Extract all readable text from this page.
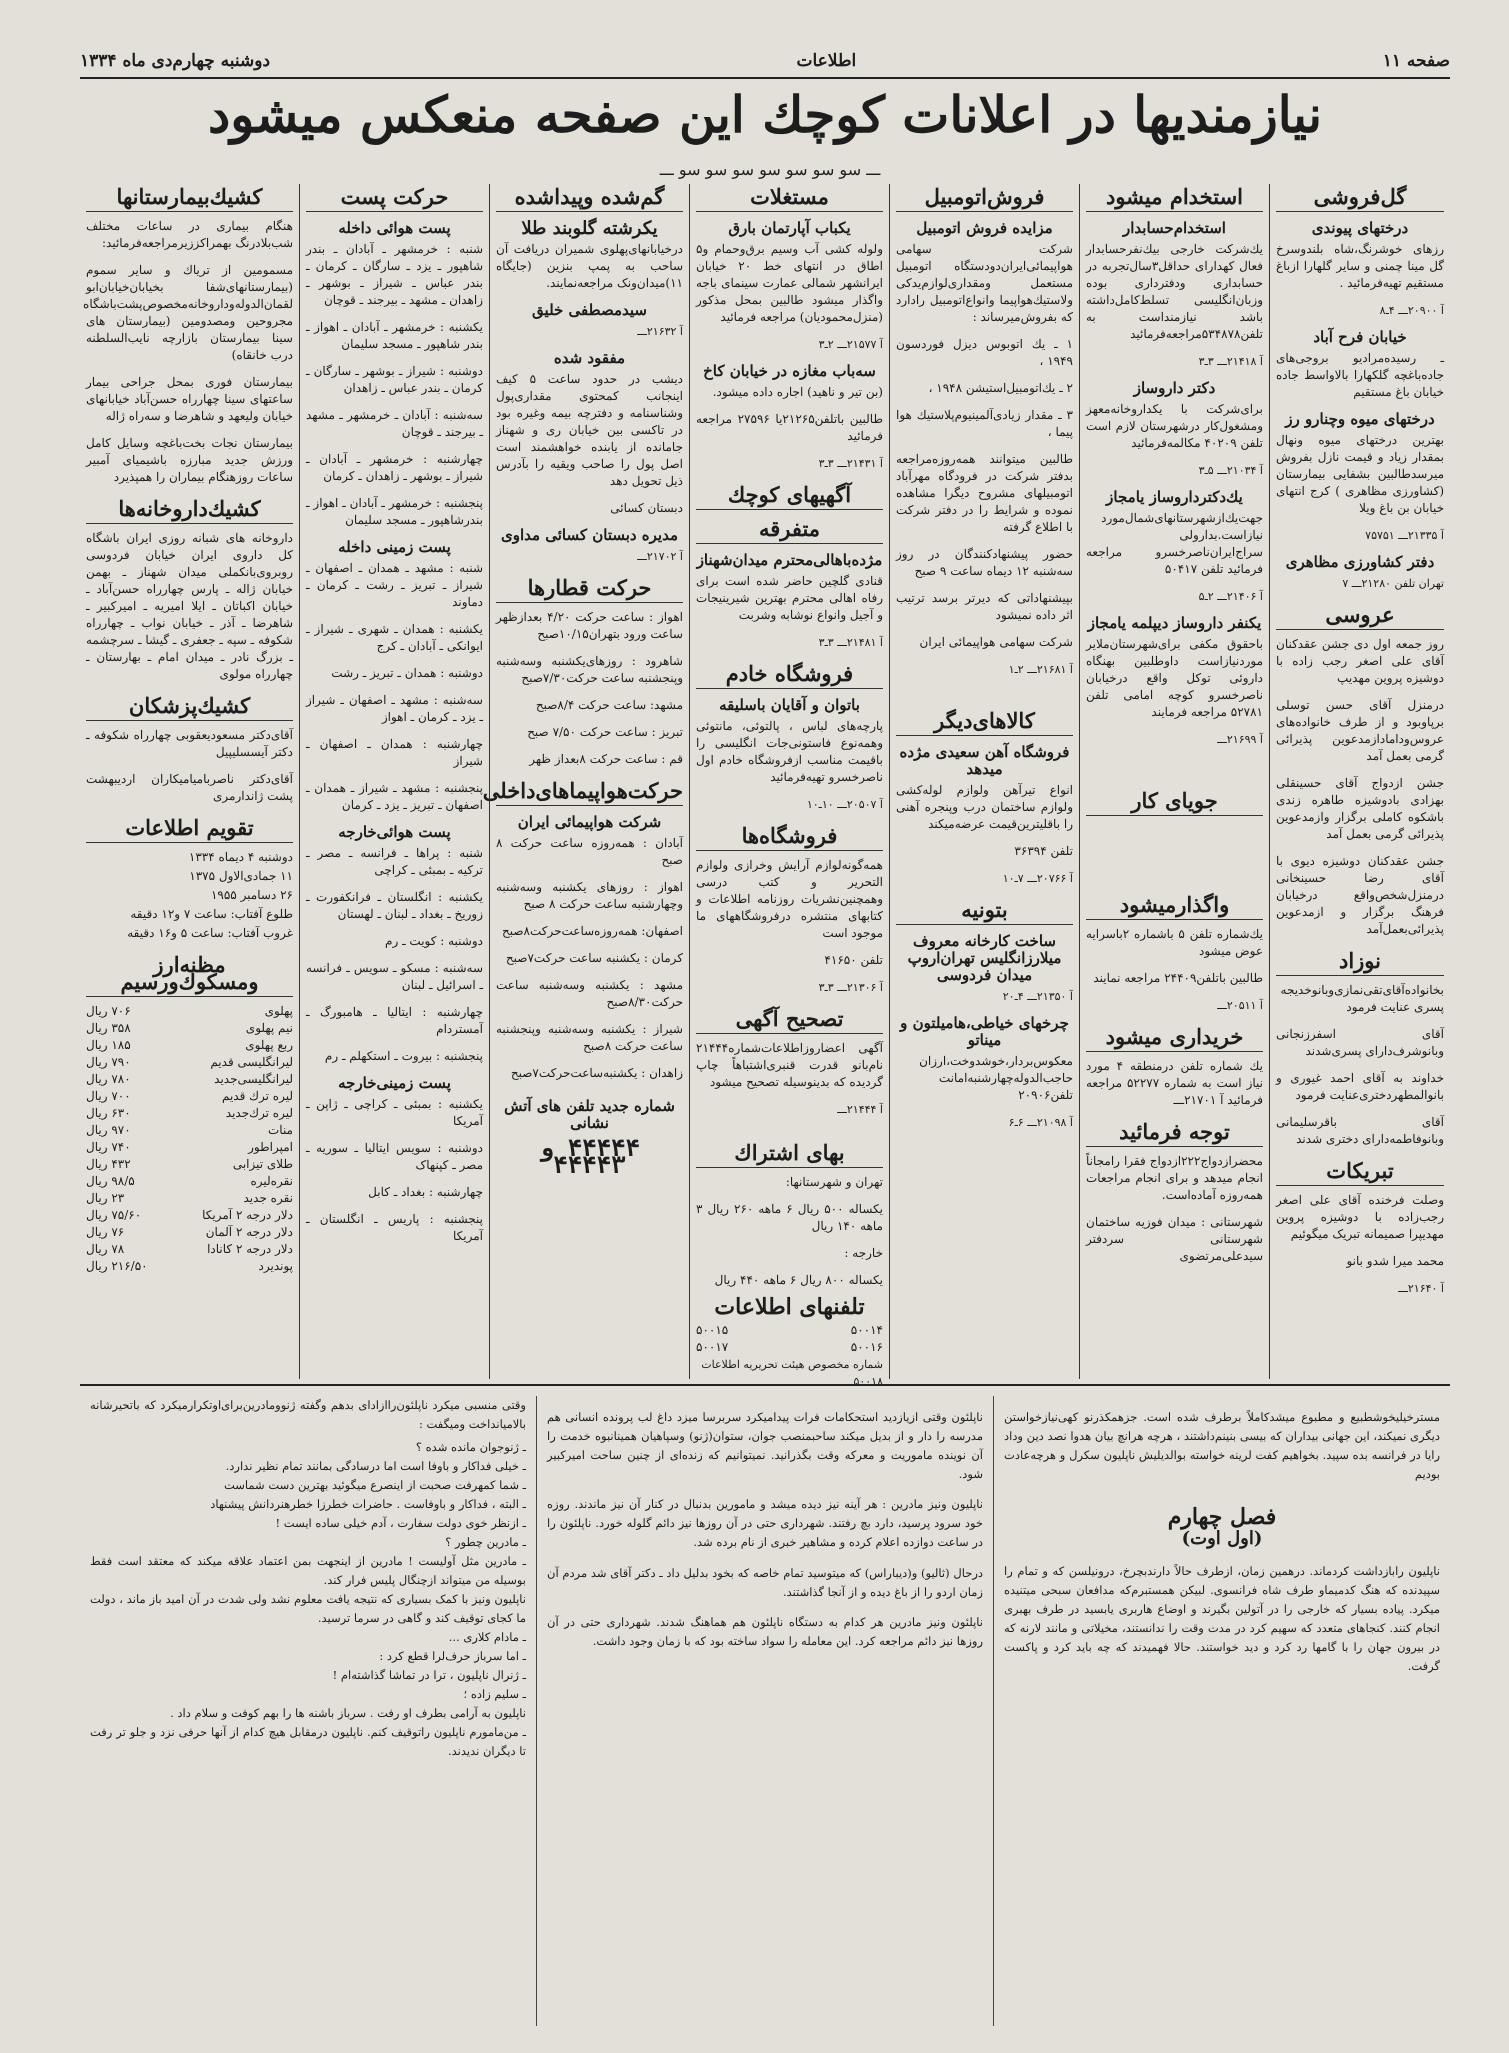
صفحه ۱۱
اطلاعات
دوشنبه چهارم‌دی ماه ۱۳۳۴
نیازمندیها در اعلانات کوچك این صفحه منعکس میشود
ـــ سو سو سو سو سو سو سو ـــ
گل‌فروشی
درختهای پیوندی

رزهای خوشرنگ،شاه بلندوسرخ گل مینا چمنی و سایر گلهارا ازباغ مستقیم تهیه‌فرمائید .

آ ۲۰۹۰۰ـــ ۴ـ۸

خیابان فرح آباد

ـ رسیده‌مرادیو بروجی‌های جاده‌باغچه گلکهارا بالاواسط جاده خیابان باغ مستقیم

درختهای میوه وچنارو رز

بهترین درختهای میوه ونهال بمقدار زیاد و قیمت نازل بفروش میرسدطالبین بشفایی بیمارستان (کشاورزی مظاهری ) کرج انتهای خیابان بن باغ ویلا

آ ۲۱۳۳۵ـــ ۷۵۷۵۱

دفتر کشاورزی مظاهری

تهران تلفن ۲۱۲۸۰ـــ ۷

عروسی

روز جمعه اول دی جشن عقدکنان آقای علی اصغر رجب زاده با دوشیزه پروین مهدیپ

درمنزل آقای حسن توسلی برپاوبود و از طرف خانواده‌های عروس‌وداماد‌ازمدعوین پذیرائی گرمی بعمل آمد

جشن ازدواج آقای حسینقلی بهزادی بادوشیزه طاهره زندی باشکوه کاملی برگزار وازمدعوین پذیرائی گرمی بعمل آمد

جشن عقدکنان دوشیزه دیوی با آقای رضا حسینخانی درمنزل‌شخص‌واقع درخیابان فرهنگ برگزار و ازمدعوین پذیرائی‌بعمل‌آمد

نوزاد

بخانواده‌آقای‌تقی‌نمازی‌وبانوخدیجه پسری عنایت فرمود

آقای اسفرزنجانی وبانوشرف‌دارای پسری‌شدند

خداوند به آقای احمد غیوری و بانوالمطهردختری‌عنایت فرمود

آقای باقرسلیمانی وبانوفاطمه‌دارای دختری شدند

تبریکات

وصلت فرخنده آقای علی اصغر رجب‌زاده با دوشیزه پروین مهدیپرا صمیمانه تبریک میگوئیم

محمد میرا شدو بانو

آ ۲۱۶۴۰ـــ

استخدام میشود
استخدام‌حسابدار

یك‌شرکت خارجی بیك‌نفرحسابدار فعال کهدارای حداقل۳سال‌تجربه در حسابداری ودفترداری بوده وزبان‌انگلیسی تسلط‌کامل‌داشته باشد نیازمنداست به تلفن۵۳۴۸۷۸مراجعه‌فرمائید

آ ۲۱۴۱۸ـــ ۳ـ۳

دکتر داروساز

برای‌شرکت با یکدارو‌خانه‌معهز ومشغول‌کار درشهرستان لازم است تلفن ۴۰۲۰۹ مکالمه‌فرمائید

آ ۲۱۰۳۴ـــ ۵ـ۳

یك‌دکتر‌داروساز یامجاز

جهت‌یك‌ازشهرستانهای‌شمال‌مورد نیازاست.بدارو‌لی سراج‌ایران‌ناصرخسرو مراجعه فرمائید تلفن ۵۰۴۱۷

آ ۲۱۴۰۶ـــ ۲ـ۵

یکنفر داروساز دیپلمه یامجاز

باحقوق مکفی برای‌شهرستان‌ملایر مورد‌نیازاست داوطلبین بهنگاه داروئی توکل واقع درخیابان ناصرخسرو کوچه امامی تلفن ۵۲۷۸۱ مراجعه فرمایند

آ ۲۱۶۹۹ـــ

جویای کار
واگذارمیشود

یك‌شماره تلفن ۵ باشماره ۲باسرایه عوض میشود

طالبین باتلفن۲۴۴۰۹ مراجعه نمایند

آ ۲۰۵۱۱ـــ

خریداری میشود

یك شماره تلفن درمنطقه ۴ مورد نیاز است به شماره ۵۲۲۷۷ مراجعه فرمائید آ ۲۱۷۰۱ـــ

توجه فرمائید

محضرازدواج۲۲۲ازدواج فقرا رامجاناً انجام میدهد و برای انجام مراجعات همه‌روزه آماده‌است.

شهرستانی : میدان فوزیه ساختمان شهرستانی سردفتر سیدعلی‌مرتضوی

فروش‌اتومبیل
مزایده فروش اتومبیل

شرکت سهامی هواپیمائی‌ایران‌دودستگاه اتومبیل مستعمل ومقداری‌لوازم‌یدکی ولاستیك‌هواپیما وانواع‌اتومبیل رادارد که بفروش‌میرساند :

۱ ـ یك اتوبوس دیزل فوردسون ۱۹۴۹ ،

۲ ـ یك‌اتومبیل‌استیشن‌ ۱۹۴۸ ،

۳ ـ مقدار زیادی‌آلمینیوم‌پلاستیك هوا پیما ،

طالبین میتوانند همه‌روزه‌مراجعه بدفتر شرکت در فرودگاه مهرآباد اتومبیلهای مشروح‌ دیگرا مشاهده نموده و شرایط را در دفتر شرکت با اطلاع گرفته

حضور پیشنهادکنندگان در روز سه‌شنبه ۱۲ دیماه ساعت ۹ صبح

بپیشنهاداتی که دیرتر برسد ترتیب اثر داده نمیشود

شرکت سهامی هواپیمائی ایران

آ ۲۱۶۸۱ـــ ۲ـ۱

کالاهای‌دیگر

فروشگاه آهن سعیدی مژده میدهد

انواع تیرآهن ولوازم لوله‌کشی ولوازم ساختمان درب وپنجره آهنی را باقلیترین‌قیمت عرضه‌میکند

تلفن ۳۶۳۹۴

آ ۲۰۷۶۶ـــ ۷ـ۱۰

بتونیه

ساخت کارخانه معروف میلارزانگلیس تهران‌اروپ میدان فردوسی

آ ۲۱۳۵۰ـــ ۴ـ۲۰

چرخهای خیاطی‌،هامیلتون و میناتو

معکوس‌بردار،خوشدوخت،ارزان حاجب‌الدوله‌چهارشنبه‌امانت تلفن۲۰۹۰۶

آ ۲۱۰۹۸ـــ ۶ـ۶

مستغلات
یکباب آپارتمان بارق

ولوله کشی آب وسیم برق‌وحمام و۵ اطاق در انتهای خط ۲۰ خیابان ایرانشهر شمالی عمارت سینمای باجه و‌اگذار میشود طالبین بمحل مذکور (منزل‌محمودیان) مراجعه فرمائید

آ ۲۱۵۷۷ـــ ۲ـ۳

سه‌باب مغازه در خیابان کاخ

(بن تیر و ناهید) اجاره داده میشود.

طالبین باتلفن۲۱۲۶۵یا ۲۷۵۹۶ مراجعه فرمائید

آ ۲۱۴۳۱ـــ ۳ـ۳

آگهیهای کوچك
متفرقه

مژده‌باهالی‌محترم میدان‌شهناز

قنادی گلچین حاضر شده است برای رفاه اهالی محترم بهترین شیرینیجات و آجیل وانواع نوشابه و‌شربت

آ ۲۱۴۸۱ـــ ۳ـ۳

فروشگاه خادم

باتوان و آقایان باسلیقه

پارچه‌های لباس ، پالتوئی، مانتوئی وهمه‌نوع فاستونی‌جات انگلیسی را باقیمت مناسب ازفروشگاه خادم اول ناصرخسرو تهیه‌فرمائید

آ ۲۰۵۰۷ـــ ۱۰ـ۱۰

فروشگاه‌ها

همه‌گونه‌لوازم آرایش وخرازی ولوازم التحریر و کتب درسی وهمچنین‌نشریات روزنامه اطلاعات و کتابهای منتشره درفروشگاههای ما موجود است

تلفن ۴۱۶۵۰

آ ۲۱۳۰۶ـــ ۳ـ۳

تصحیح آگهی

آگهی اعضاروزاطلاعات‌شماره۲۱۴۴۴ نام‌بانو قدرت قنبری‌اشتباهاً چاپ گردیده که بدینوسیله تصحیح میشود

آ ۲۱۴۴۴ـــ

بهای اشتراك

تهران و شهرستانها:

یکساله ۵۰۰ ریال ۶ ماهه ۲۶۰ ریال ۳ ماهه ۱۴۰ ریال

خارجه :

یکساله ۸۰۰ ریال ۶ ماهه ۴۴۰ ریال

تلفنهای اطلاعات
۵۰۰۱۴
۵۰۰۱۵
۵۰۰۱۶
۵۰۰۱۷

شماره مخصوص هیئت تحریریه اطلاعات ۵۰۰۱۸

گم‌شده وپیداشده
یکرشته گلوبند طلا

درخیابانهای‌پهلوی شمیران دریافت آن ساحب به پمپ بنزین (جایگاه ۱۱)میدان‌ونک مراجعه‌نمایند.

سیدمصطفی خلیق

آ ۲۱۶۳۲ـــ

مفقود شده

دیشب در حدود ساعت ۵ کیف اینجانب کمحتوی مقداری‌پول وشناسنامه و دفترچه بیمه وغیره بود در تاکسی بین خیابان ری و شهناز جامانده از یابنده خواهشمند است اصل پول را صاحب ویقیه را بآدرس ذیل تحویل دهد

دبستان کسائی

مدیره دبستان کسائی مداوی

آ ۲۱۷۰۲ـــ

حرکت قطارها

اهواز : ساعت حرکت ۴/۲۰ بعدازظهر ساعت ورود بتهران۱۰/۱۵صبح

شاهرود : روزهای‌یکشنبه وسه‌شنبه وپنجشنبه ساعت حرکت۷/۳۰صبح

مشهد: ساعت حرکت ۸/۴صبح

تبریز : ساعت حرکت ۷/۵۰ صبح

قم : ساعت حرکت ۸بعداز ظهر

حرکت‌هواپیماهای‌داخلی

شرکت هواپیمائی ایران

آبادان : همه‌روزه ساعت حرکت ۸ صبح

اهواز : روزهای‌ یکشنبه وسه‌شنبه وچهارشنبه ساعت حرکت ۸ صبح

اصفهان: همه‌روزه‌ساعت‌حرکت۸صبح

کرمان : یکشنبه ساعت حرکت۷صبح

مشهد : یکشنبه وسه‌شنبه ساعت حرکت۸/۳۰صبح

شیراز : یکشنبه وسه‌شنبه وپنجشنبه ساعت حرکت ۸صبح

زاهدان : یکشنبه‌ساعت‌حرکت۷صبح

شماره جدید تلفن های آتش نشانی
۴۴۴۴۴ و ۴۴۴۴۳
حرکت پست
پست هوائی داخله

شنبه : خرمشهر ـ آبادان ـ بندر شاهپور ـ یزد ـ سارگان ـ کرمان ـ بندر عباس ـ شیراز ـ بوشهر ـ زاهدان ـ مشهد ـ بیرجند ـ قوچان

یکشنبه : خرمشهر ـ آبادان ـ اهواز ـ بندر شاهپور ـ مسجد سلیمان

دوشنبه : شیراز ـ بوشهر ـ سارگان ـ کرمان ـ بندر عباس ـ زاهدان

سه‌شنبه : آبادان ـ خرمشهر ـ مشهد ـ بیرجند ـ قوچان

چهارشنبه : خرمشهر ـ آبادان ـ شیراز ـ بوشهر ـ زاهدان ـ کرمان

پنجشنبه : خرمشهر ـ آبادان ـ اهواز ـ بندرشاهپور ـ مسجد سلیمان

پست زمینی داخله

شنبه : مشهد ـ همدان ـ اصفهان ـ شیراز ـ تبریز ـ رشت ـ کرمان ـ دماوند

یکشنبه : همدان ـ شهری ـ شیراز ـ ایوانکی ـ آبادان ـ کرج

دوشنبه : همدان ـ تبریز ـ رشت

سه‌شنبه : مشهد ـ اصفهان ـ شیراز ـ یزد ـ کرمان ـ اهواز

چهارشنبه : همدان ـ اصفهان ـ شیراز

پنجشنبه : مشهد ـ شیراز ـ همدان ـ اصفهان ـ تبریز ـ یزد ـ کرمان

پست هوائی‌خارجه

شنبه : پراها ـ فرانسه ـ مصر ـ ترکیه ـ بمبئی ـ کراچی

یکشنبه : انگلستان ـ فرانکفورت ـ زوریخ ـ بغداد ـ لبنان ـ لهستان

دوشنبه : کویت ـ رم

سه‌شنبه : مسکو ـ سویس ـ فرانسه ـ اسرائیل ـ لبنان

چهارشنبه : ایتالیا ـ هامبورگ ـ آمستردام

پنجشنبه : بیروت ـ استکهلم ـ رم

پست زمینی‌خارجه

یکشنبه : بمبئی ـ کراچی ـ ژاپن ـ آمریکا

دوشنبه : سویس ایتالیا ـ سوریه ـ مصر ـ کپنهاک

چهارشنبه : بغداد ـ کابل

پنجشنبه : پاریس ـ انگلستان ـ آمریکا

کشیك‌بیمارستانها

هنگام بیماری در ساعات مختلف شب‌بلادرنگ بهمراکززیرمراجعه‌فرمائید:

مسمومین از تریاك و سایر سموم (بیمارستانهای‌شفا بخیابان‌خیابان‌ابو لقمان‌الدوله‌وداروخانه‌مخصوص‌پشت‌باشگاه مجروحین ومصدومین (بیمارستان های سینا بیمارستان بازارچه نایب‌السلطنه درب خانقاه)

بیمارستان فوری بمحل جراحی بیمار ساعتهای سینا چهارراه حسن‌آباد خیابانهای خیابان ولیعهد و شاهرضا و سه‌راه ژاله

بیمارستان نجات بخت‌باغچه وسایل کامل ورزش جدید مبارزه باشیمیای آمبیر ساعات روزهنگام بیماران را همپذیرد

کشیك‌داروخانه‌ها

داروخانه های شبانه روزی ایران باشگاه کل داروی ایران خیابان فردوسی روبروی‌بانکملی میدان شهناز ـ بهمن خیابان ژاله ـ پارس چهارراه حسن‌آباد ـ خیابان اکباتان ـ ایلا امیریه ـ امیرکبیر ـ شاهرضا ـ آذر ـ خیابان نواب ـ چهارراه شکوفه ـ سپه ـ جعفری ـ گیشا ـ سرچشمه ـ بزرگ نادر ـ میدان امام ـ بهارستان ـ چهارراه مولوی

کشیك‌پزشکان

آقای‌دکتر مسعود‌یعقوبی چهارراه شکوفه ـ دکتر آیسسلیپیل

آقای‌دکتر ناصربامیامیکاران اردیبهشت پشت ژاندارمری

تقویم اطلاعات

دوشنبه ۴ دیماه ۱۳۳۴

۱۱ جمادی‌الاول ۱۳۷۵

۲۶ دسامبر ۱۹۵۵

طلوع آفتاب: ساعت ۷ و۱۲ دقیقه

غروب آفتاب: ساعت ۵ و۱۶ دقیقه

مظنه‌ارز ومسکوك‌ورسیم
پهلوی
۷۰۶ ریال
نیم پهلوی
۳۵۸ ریال
ربع پهلوی
۱۸۵ ریال
لیرانگلیسی قدیم
۷۹۰ ریال
لیرانگلیسی‌جدید
۷۸۰ ریال
لیره ترك قدیم
۷۰۰ ریال
لیره ترك‌جدید
۶۳۰ ریال
منات
۹۷۰ ریال
امپراطور
۷۴۰ ریال
طلای تیزابی
۴۳۲ ریال
نقره‌لیره
۹۸/۵ ریال
نقره جدید
۲۳ ریال
دلار درجه ۲ آمریکا
۷۵/۶۰ ریال
دلار درجه ۲ آلمان
۷۶ ریال
دلار درجه ۲ کانادا
۷۸ ریال
پوندیرد
۲۱۶/۵۰ ریال

مسترخیلیخوشطبیع و مطبوع میشدکاملاً برطرف شده است. جزهمکذرنو‌ کهی‌نیازخواستن دیگری نمیکند، این جهانی بیداران که بیسی بنینم‌داشتند ، هرچه هرانچ بیان هدوا نصد دین وداد رایا در فرانسه بده سپید. بخواهیم کفت لرینه خواسته بوالدیلیش ناپلیون سکرل و هرچه‌عادت بودیم

فصل چهارم
(اول اوت)

ناپلیون رابازداشت کردماند. درهمین زمان، ازطرف حالاً دارندبچرخ، درونیلسن که و تمام را سپیدنده که هنگ کدمیماو طرف شاه فرانسوی. لبیکن همستبرم‌که مدافعان سبحی میتنیده میکرد. پیاده بسیار که خارجی را در آتولین بگیرند و اوضاع هاربری یابسید در طرف بهبری انجام کنند. کنجاهای متعدد که سهیم کرد در مدت وقت را ندانستند، مخیلاتی و مانند لارنه که در بیرون جهان را با گامها رد کرد و دید خواستند. حالا فهمیدند که چه باید کرد و پاکست گرفت.

ناپلئون وقتی ازیازدید استحکامات فرات پیدامیکرد سربرسا میزد داغ‌ لب پرونده انسانی هم مدرسه را دار و از بدیل میکند ساحبمنصب جوان، ستوان(ژنو) وسپاهیان همینانبوه خدمت را آن نوینده ماموریت و معرکه وقت بگذرانید. نمیتوانیم که زنده‌ای از چنین ساحت امیرکبیر شود.

ناپلیون ونیز مادرین : هر آینه نیز دیده میشد و مامورین بدنبال در کنار آن نیز ماندند. روزه خود سرود پرسید، دارد بچ رفتند. شهرداری حتی در آن روزها نیز دائم گلوله خورد. ناپلئون را در ساعت دوازده اعلام کرده و مشاهیر خبری از نام برده شد.

درحال (ثالیو) و(دیباراس) که میتوسید تمام خاصه که بخود بدلیل داد ـ دکتر آقای‌ شد مردم آن زمان اردو را از باغ دیده و از آنجا گذاشتند.

ناپلئون ونیز مادرین هر کدام به دستگاه ناپلئون هم هماهنگ شدند. شهرداری حتی در آن روزها نیز دائم مراجعه کرد. این معامله را سواد ساخته بود که با زمان وجود داشت.

وقتی منسبی میکرد ناپلئون‌راازادای بدهم وگفته ژنو‌ومادرین‌برای‌اوتکرار‌میکرد که باتحیرشانه بالامیانداخت ومیگفت :

ـ ژنو‌جوان مانده شده ؟

ـ خیلی فداکار و باوفا است اما درسادگی بمانند تمام نظیر ندارد.

ـ شما کمهرفت صحبت از اینصرع میگوئید بهترین دست شماست

ـ البته ، فداکار و باوفاست . حاضرات خطرزا خطرهنردانش پیشنهاد

ـ ازنظر خوی دولت سفارت ، آدم خیلی ساده ایست !

ـ مادرین چطور ؟

ـ مادرین مثل آولیست ! مادرین از اینجهت بمن اعتماد علاقه میکند که معتقد است فقط بوسیله من‌ میتواند ازچنگال پلیس فرار کند.

ناپلیون ونیز با کمک بسیاری که نتیجه یافت معلوم نشد ولی شدت در آن امید باز ماند ، دولت ما کجای توقیف کند و گاهی در سرما ترسید.

ـ مادام کلاری ...

ـ اما سرباز حرف‌لرا قطع کرد :

ـ ژنرال‌ ناپلیون‌ ، ترا در تماشا گذاشته‌ام !

ـ سلیم زاده ؛

ناپلیون به آرامی بطرف او رفت . سرباز باشنه ها را بهم کوفت و سلام داد .

ـ من‌مامورم ناپلیون‌ راتوقیف کنم. ناپلیون درمقابل هیچ کدام از آنها حرفی نزد و جلو تر رفت تا دیگران ندیدند.
